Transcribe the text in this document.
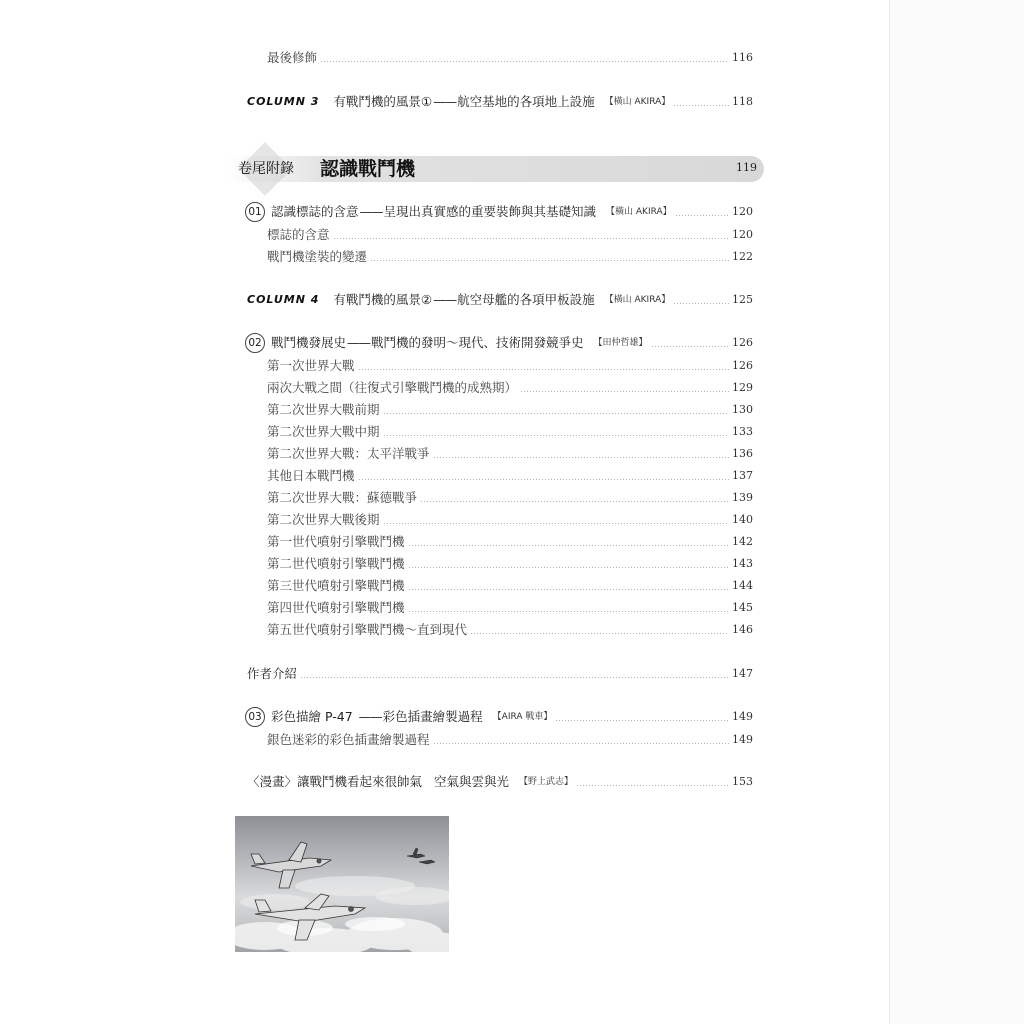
最後修飾	116
COLUMN 3 有戰鬥機的風景① —— 航空基地的各項地上設施 【橫山 AKIRA】	118
卷尾附錄 認識戰鬥機	119
01 認識標誌的含意 —— 呈現出真實感的重要裝飾與其基礎知識 【橫山 AKIRA】	120
標誌的含意	120
戰鬥機塗裝的變遷	122
COLUMN 4 有戰鬥機的風景② —— 航空母艦的各項甲板設施 【橫山 AKIRA】	125
02 戰鬥機發展史 —— 戰鬥機的發明～現代、技術開發競爭史 【田仲哲雄】	126
第一次世界大戰	126
兩次大戰之間（往復式引擎戰鬥機的成熟期）	129
第二次世界大戰前期	130
第二次世界大戰中期	133
第二次世界大戰：太平洋戰爭	136
其他日本戰鬥機	137
第二次世界大戰：蘇德戰爭	139
第二次世界大戰後期	140
第一世代噴射引擎戰鬥機	142
第二世代噴射引擎戰鬥機	143
第三世代噴射引擎戰鬥機	144
第四世代噴射引擎戰鬥機	145
第五世代噴射引擎戰鬥機～直到現代	146
作者介紹	147
03 彩色描繪 P-47 —— 彩色插畫繪製過程 【AIRA 戰車】	149
銀色迷彩的彩色插畫繪製過程	149
〈漫畫〉讓戰鬥機看起來很帥氣 空氣與雲與光 【野上武志】	153
